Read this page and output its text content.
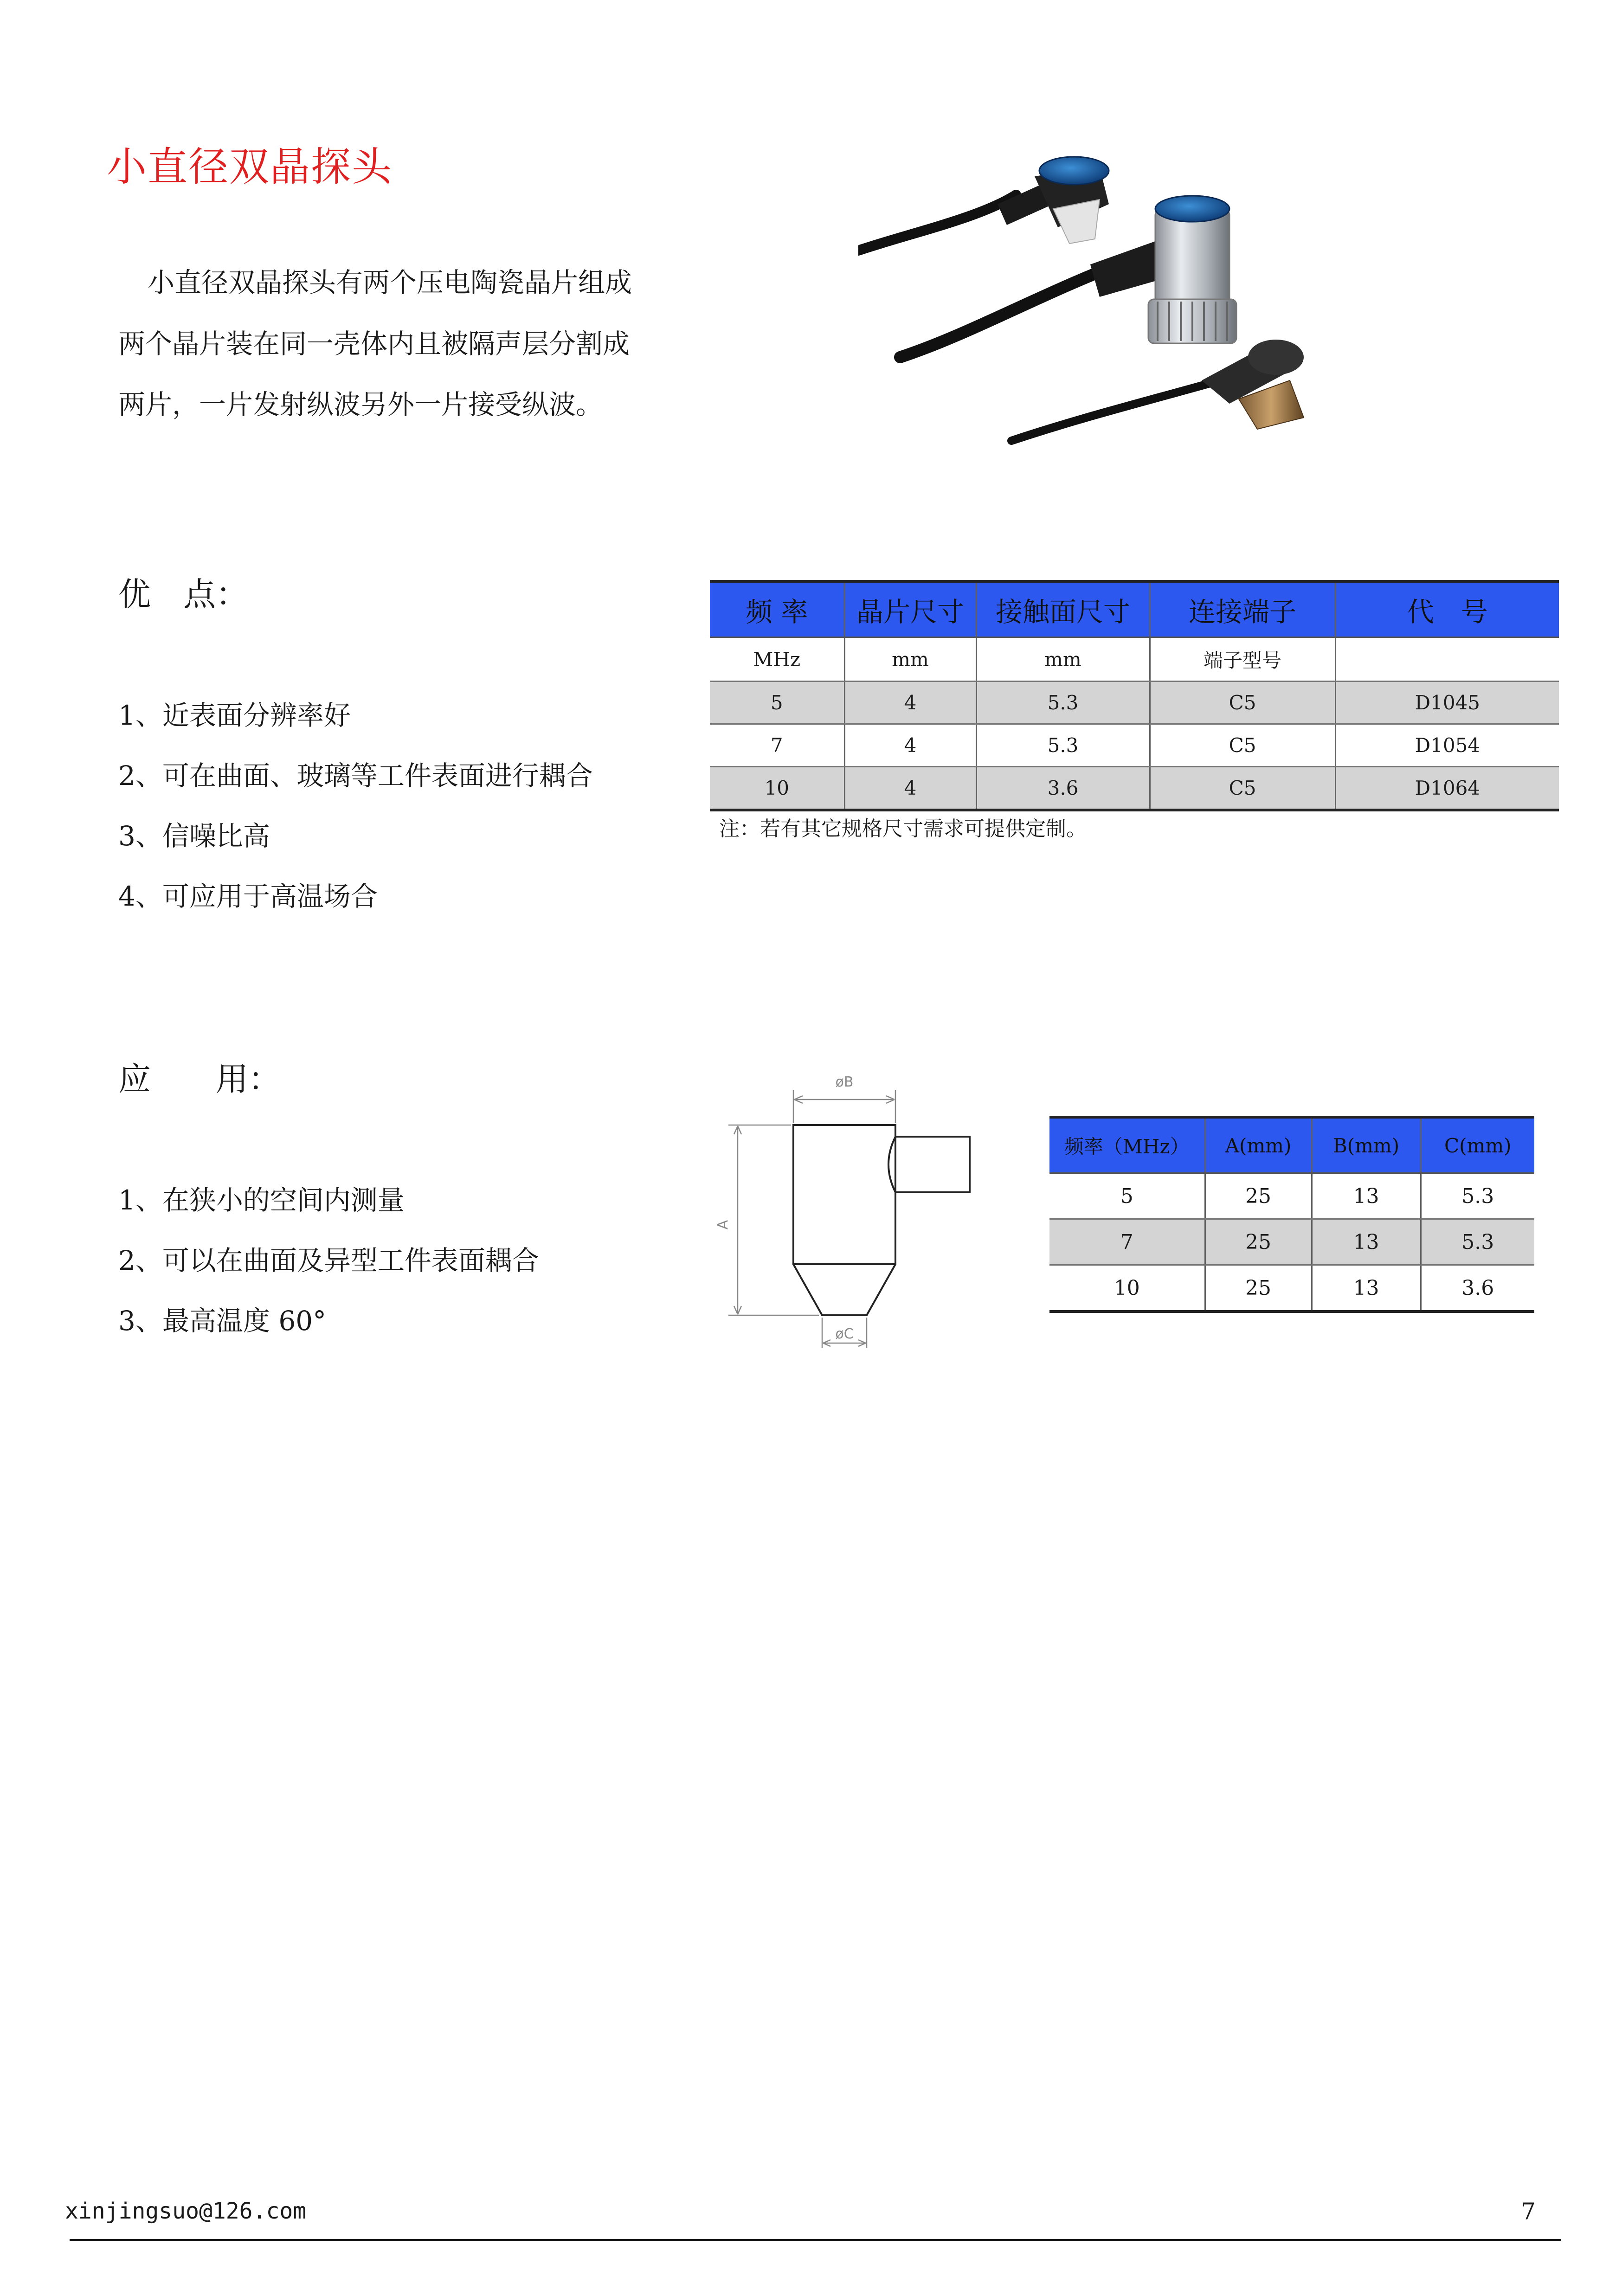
小直径双晶探头
小直径双晶探头有两个压电陶瓷晶片组成
两个晶片装在同一壳体内且被隔声层分割成
两片，一片发射纵波另外一片接受纵波。
优　点：
1、近表面分辨率好
2、可在曲面、玻璃等工件表面进行耦合
3、信噪比高
4、可应用于高温场合
频 率	晶片尺寸	接触面尺寸	连接端子	代　号
MHz	mm	mm	端子型号	
5	4	5.3	C5	D1045
7	4	5.3	C5	D1054
10	4	3.6	C5	D1064
注：若有其它规格尺寸需求可提供定制。
应　　用：
1、在狭小的空间内测量
2、可以在曲面及异型工件表面耦合
3、最高温度 60°
øB
A
øC
频率（MHz）	A(mm)	B(mm)	C(mm)
5	25	13	5.3
7	25	13	5.3
10	25	13	3.6
xinjingsuo@126.com	7
